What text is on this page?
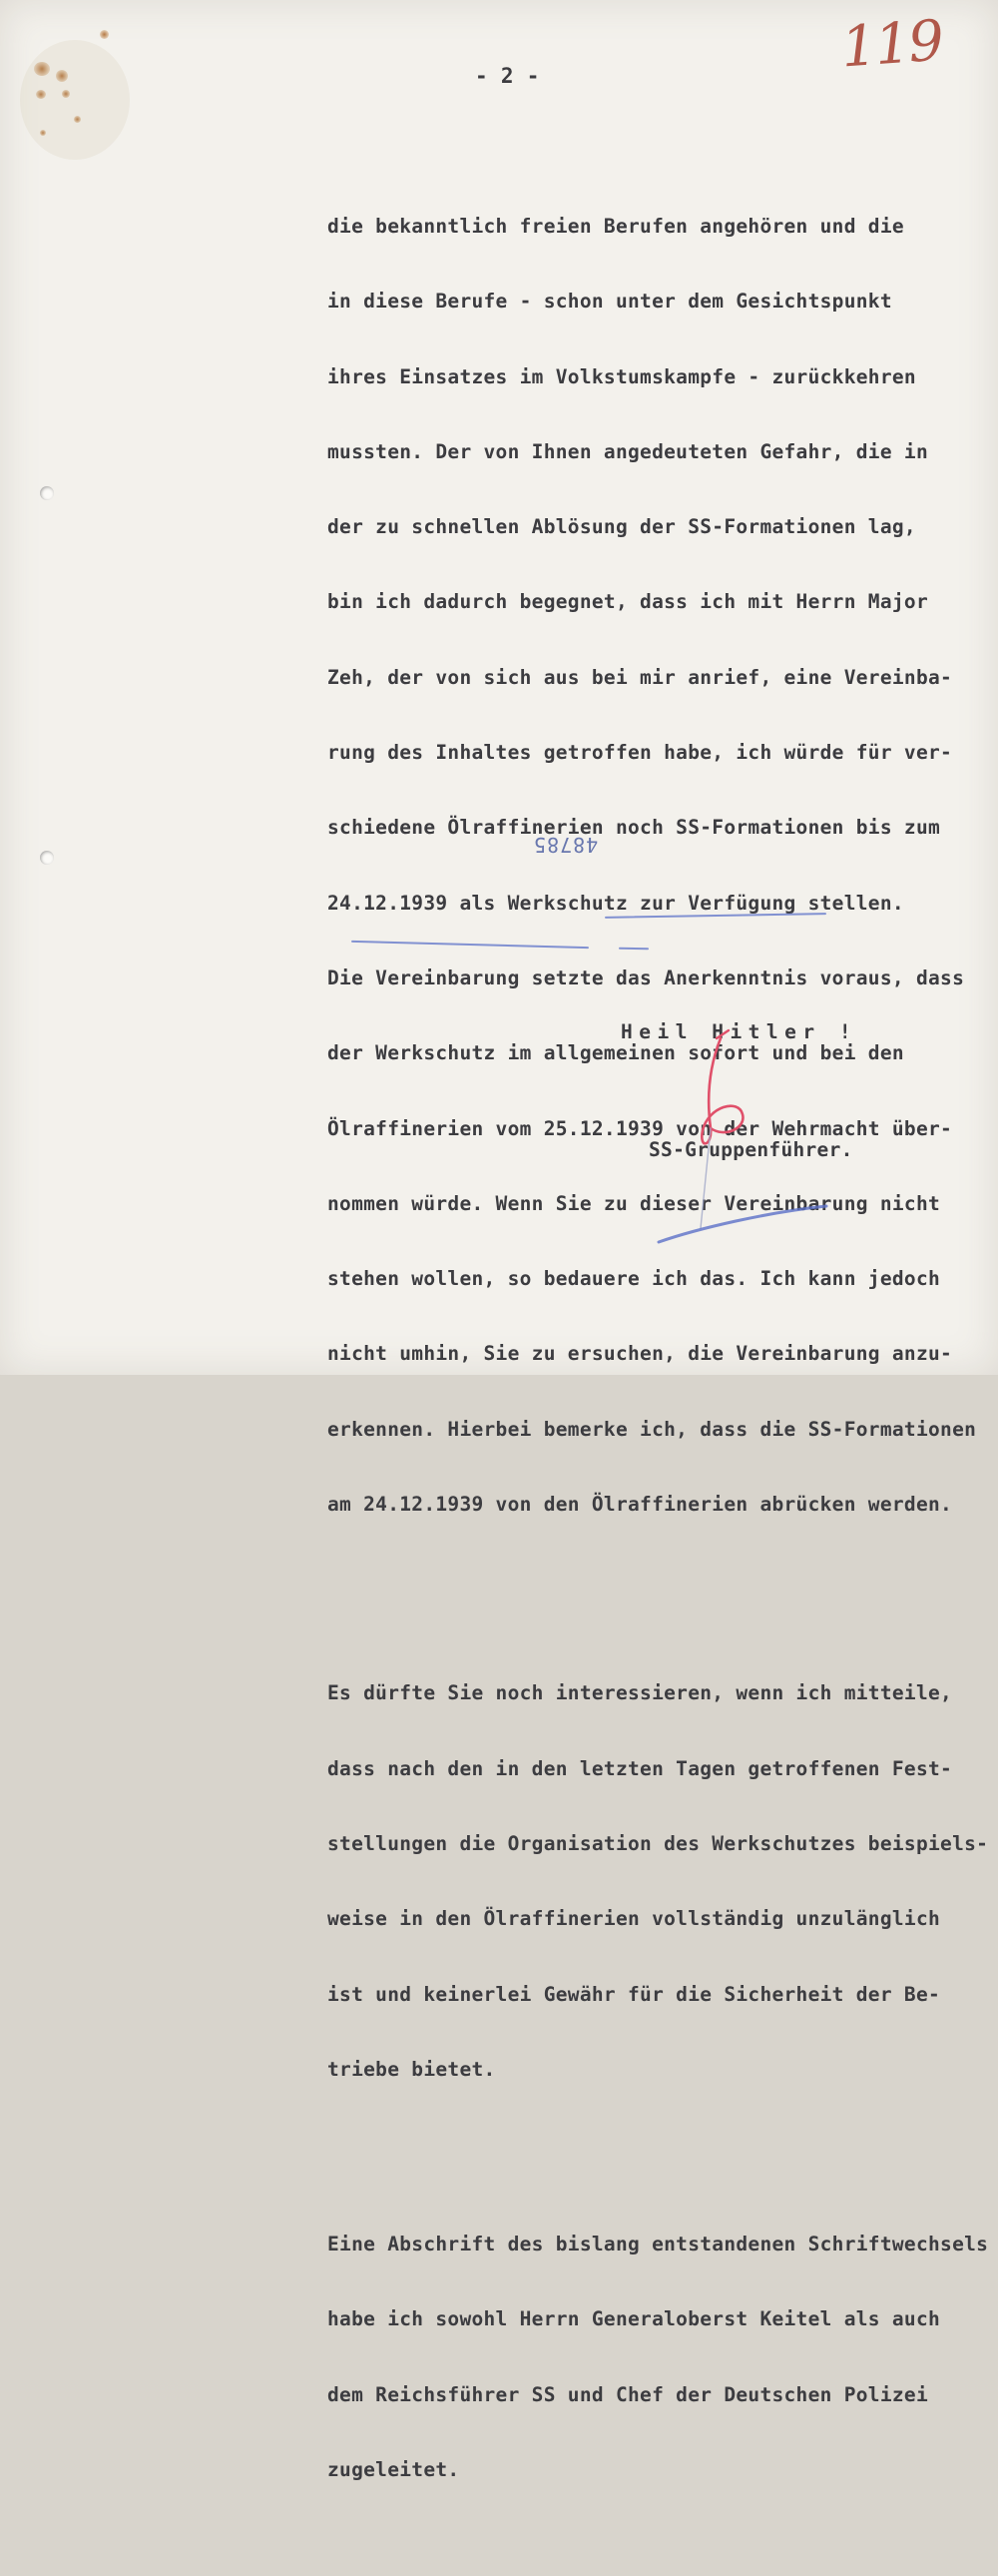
- 2 -	119

die bekanntlich freien Berufen angehören und die

in diese Berufe - schon unter dem Gesichtspunkt

ihres Einsatzes im Volkstumskampfe - zurückkehren

mussten. Der von Ihnen angedeuteten Gefahr, die in

der zu schnellen Ablösung der SS-Formationen lag,

bin ich dadurch begegnet, dass ich mit Herrn Major

Zeh, der von sich aus bei mir anrief, eine Vereinba-

rung des Inhaltes getroffen habe, ich würde für ver-

schiedene Ölraffinerien noch SS-Formationen bis zum

24.12.1939 als Werkschutz zur Verfügung stellen.

Die Vereinbarung setzte das Anerkenntnis voraus, dass

der Werkschutz im allgemeinen sofort und bei den

Ölraffinerien vom 25.12.1939 von der Wehrmacht über-

nommen würde. Wenn Sie zu dieser Vereinbarung nicht

stehen wollen, so bedauere ich das. Ich kann jedoch

nicht umhin, Sie zu ersuchen, die Vereinbarung anzu-

erkennen. Hierbei bemerke ich, dass die SS-Formationen

am 24.12.1939 von den Ölraffinerien abrücken werden.

Es dürfte Sie noch interessieren, wenn ich mitteile,

dass nach den in den letzten Tagen getroffenen Fest-

stellungen die Organisation des Werkschutzes beispiels-

weise in den Ölraffinerien vollständig unzulänglich

ist und keinerlei Gewähr für die Sicherheit der Be-

triebe bietet.

Eine Abschrift des bislang entstandenen Schriftwechsels

habe ich sowohl Herrn Generaloberst Keitel als auch

dem Reichsführer SS und Chef der Deutschen Polizei

zugeleitet.

48785
Heil Hitler !
SS-Gruppenführer.
